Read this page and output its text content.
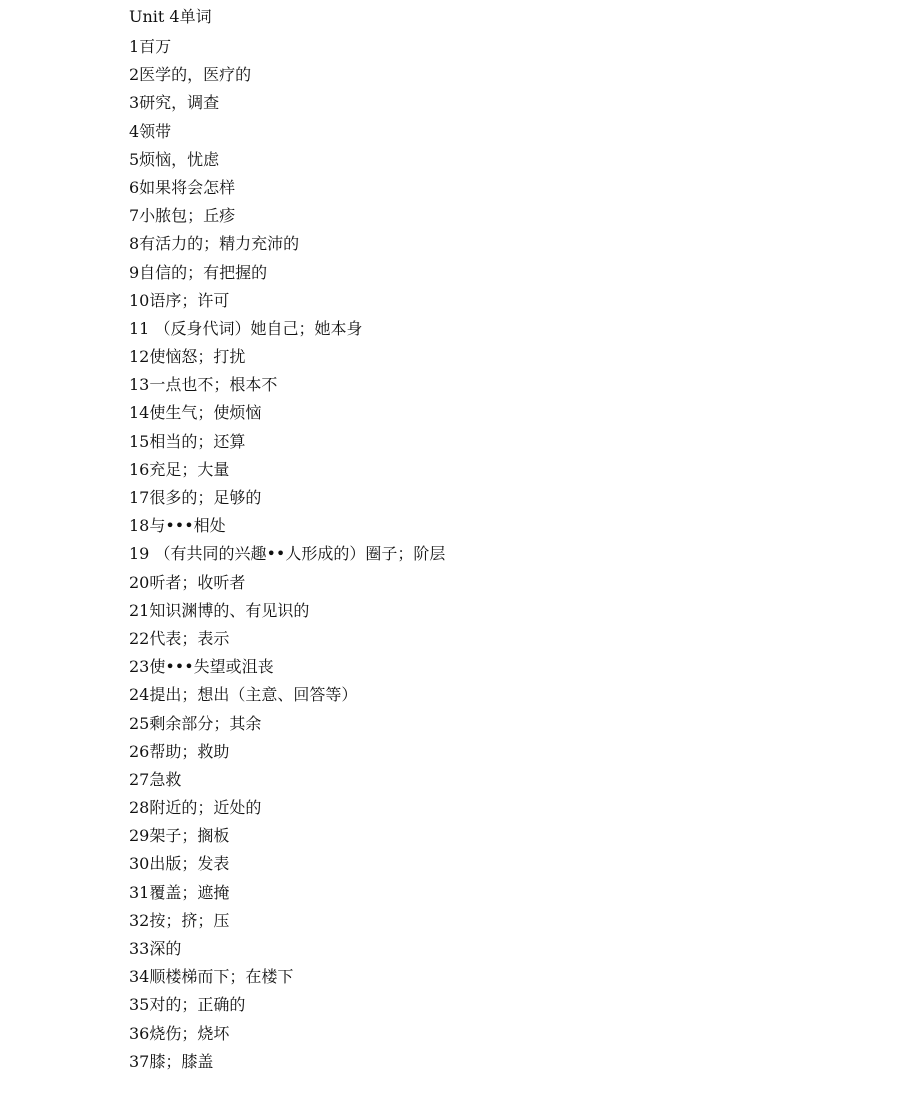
Unit 4单词
1百万
2医学的，医疗的
3研究，调查
4领带
5烦恼，忧虑
6如果将会怎样
7小脓包；丘疹
8有活力的；精力充沛的
9自信的；有把握的
10语序；许可
11 （反身代词）她自己；她本身
12使恼怒；打扰
13一点也不；根本不
14使生气；使烦恼
15相当的；还算
16充足；大量
17很多的；足够的
18与•••相处
19 （有共同的兴趣••人形成的）圈子；阶层
20听者；收听者
21知识渊博的、有见识的
22代表；表示
23使•••失望或沮丧
24提出；想出（主意、回答等）
25剩余部分；其余
26帮助；救助
27急救
28附近的；近处的
29架子；搁板
30出版；发表
31覆盖；遮掩
32按；挤；压
33深的
34顺楼梯而下；在楼下
35对的；正确的
36烧伤；烧坏
37膝；膝盖
